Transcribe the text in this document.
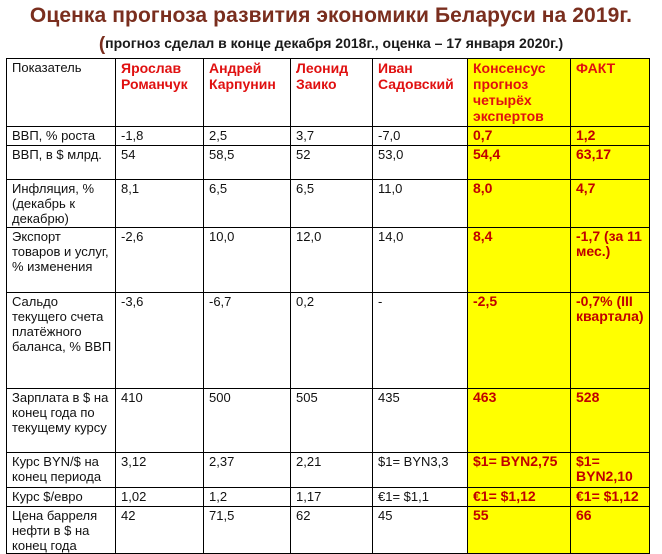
Оценка прогноза развития экономики Беларуси на 2019г.
(прогноз сделал в конце декабря 2018г., оценка – 17 января 2020г.)
Показатель	Ярослав Романчук	Андрей Карпунин	Леонид Заико	Иван Садовский	Консенсус прогноз четырёх экспертов	ФАКТ
ВВП, % роста	-1,8	2,5	3,7	-7,0	0,7	1,2
ВВП, в $ млрд.	54	58,5	52	53,0	54,4	63,17
Инфляция, % (декабрь к декабрю)	8,1	6,5	6,5	11,0	8,0	4,7
Экспорт товаров и услуг, % изменения	-2,6	10,0	12,0	14,0	8,4	-1,7 (за 11 мес.)
Сальдо текущего счета платёжного баланса, % ВВП	-3,6	-6,7	0,2	-	-2,5	-0,7% (III квартала)
Зарплата в $ на конец года по текущему курсу	410	500	505	435	463	528
Курс BYN/$ на конец периода	3,12	2,37	2,21	$1= BYN3,3	$1= BYN2,75	$1= BYN2,10
Курс $/евро	1,02	1,2	1,17	€1= $1,1	€1= $1,12	€1= $1,12
Цена барреля нефти в $ на конец года	42	71,5	62	45	55	66
